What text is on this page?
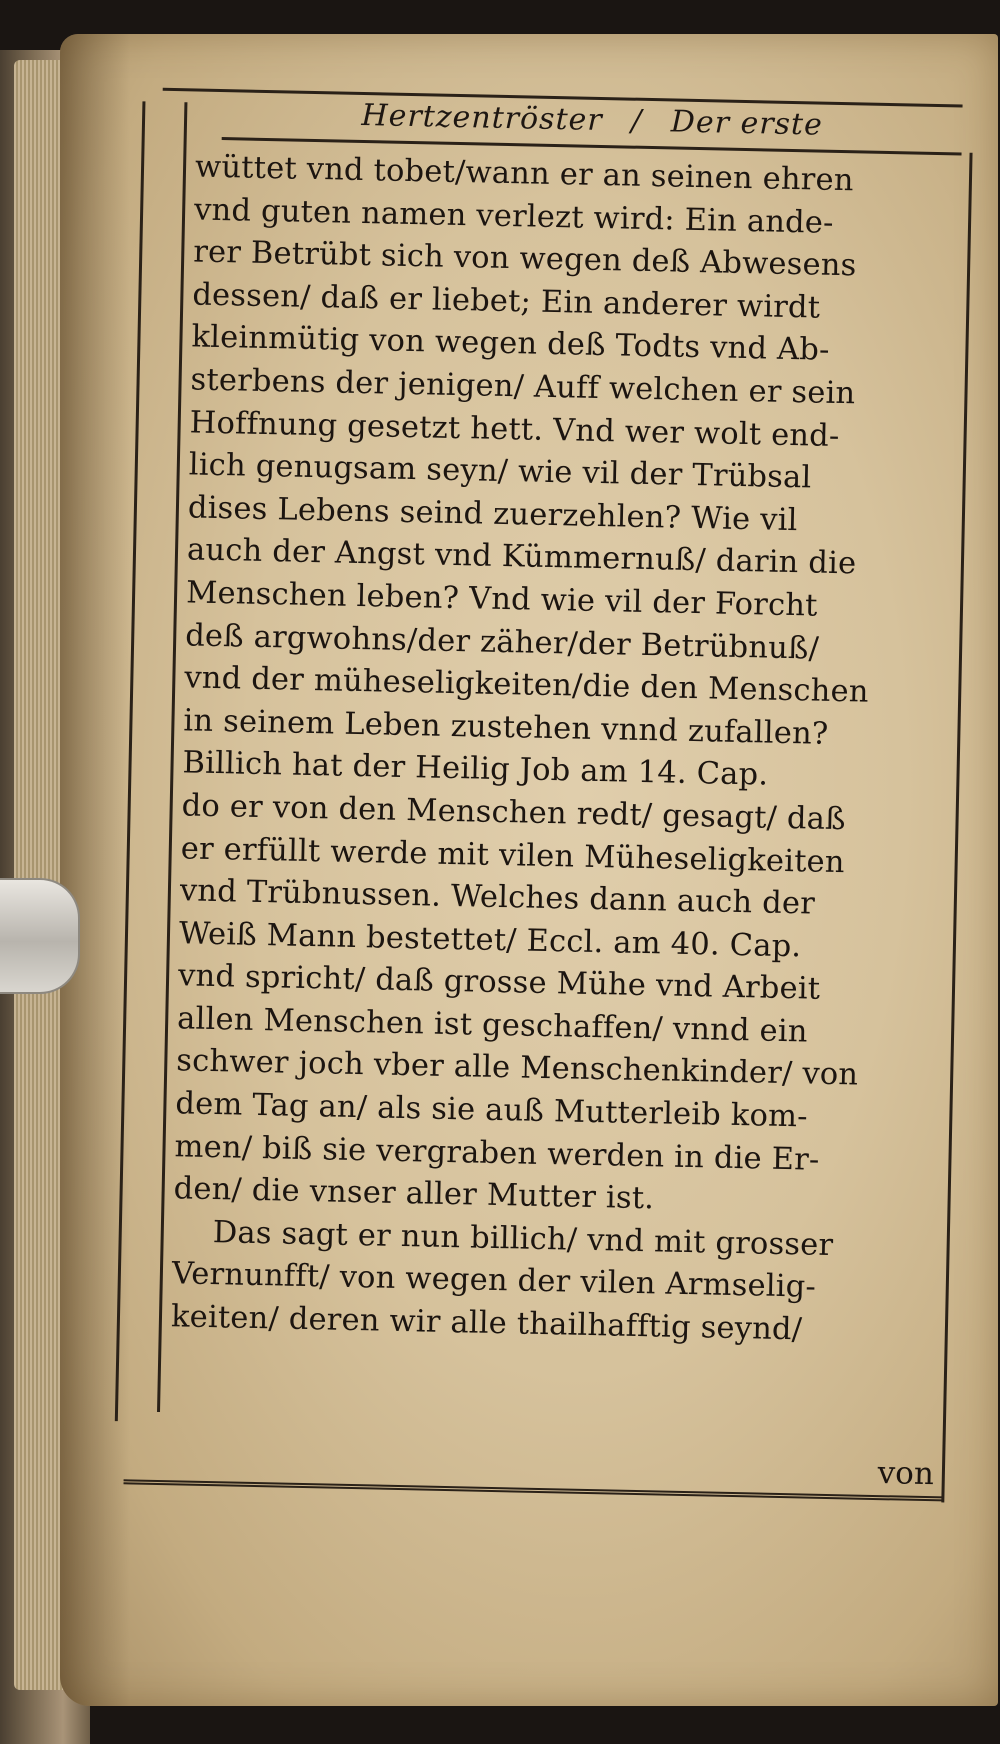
Hertzentröster / Der erste
wüttet vnd tobet/wann er an seinen ehren
vnd guten namen verlezt wird: Ein ande-
rer Betrübt sich von wegen deß Abwesens
dessen/ daß er liebet; Ein anderer wirdt
kleinmütig von wegen deß Todts vnd Ab-
sterbens der jenigen/ Auff welchen er sein
Hoffnung gesetzt hett. Vnd wer wolt end-
lich genugsam seyn/ wie vil der Trübsal
dises Lebens seind zuerzehlen? Wie vil
auch der Angst vnd Kümmernuß/ darin die
Menschen leben? Vnd wie vil der Forcht
deß argwohns/der zäher/der Betrübnuß/
vnd der müheseligkeiten/die den Menschen
in seinem Leben zustehen vnnd zufallen?
Billich hat der Heilig Job am 14. Cap.
do er von den Menschen redt/ gesagt/ daß
er erfüllt werde mit vilen Müheseligkeiten
vnd Trübnussen. Welches dann auch der
Weiß Mann bestettet/ Eccl. am 40. Cap.
vnd spricht/ daß grosse Mühe vnd Arbeit
allen Menschen ist geschaffen/ vnnd ein
schwer joch vber alle Menschenkinder/ von
dem Tag an/ als sie auß Mutterleib kom-
men/ biß sie vergraben werden in die Er-
den/ die vnser aller Mutter ist.
Das sagt er nun billich/ vnd mit grosser
Vernunfft/ von wegen der vilen Armselig-
keiten/ deren wir alle thailhafftig seynd/
von
